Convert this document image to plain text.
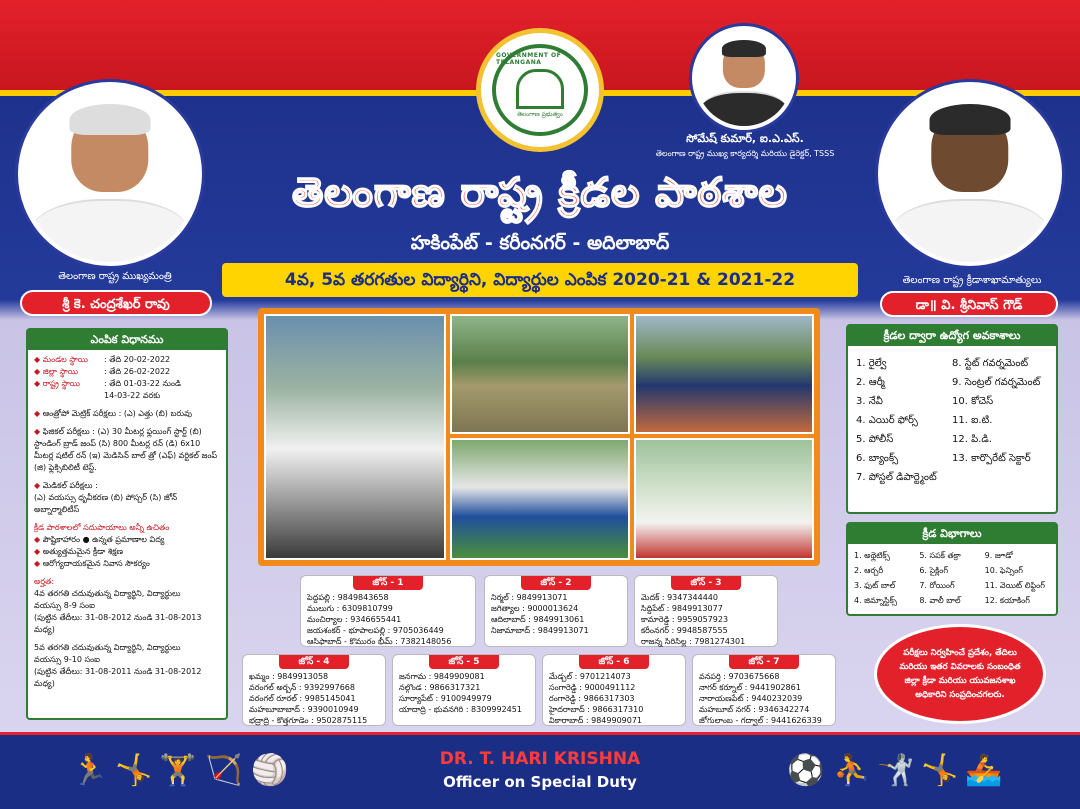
తెలంగాణ రాష్ట్ర ముఖ్యమంత్రి
శ్రీ కె. చంద్రశేఖర్ రావు
GOVERNMENT OF TELANGANA
తెలంగాణ ప్రభుత్వం
సోమేష్ కుమార్, ఐ.ఎ.ఎస్.
తెలంగాణ రాష్ట్ర ముఖ్య కార్యదర్శి మరియు డైరెక్టర్, TSSS
తెలంగాణ రాష్ట్ర క్రీడాశాఖామాత్యులు
డా॥ వి. శ్రీనివాస్ గౌడ్
తెలంగాణ రాష్ట్ర క్రీడల పాఠశాల
హకింపేట్ - కరీంనగర్ - అదిలాబాద్
4వ, 5వ తరగతుల విద్యార్థిని, విద్యార్థుల ఎంపిక 2020-21 & 2021-22
ఎంపిక విధానము
◆ మండల స్థాయి	: తేది 20-02-2022
◆ జిల్లా స్థాయి	: తేది 26-02-2022
◆ రాష్ట్ర స్థాయి	: తేది 01-03-22 నుండి
14-03-22 వరకు
◆ ఆంత్రోపో మెట్రిక్ పరీక్షలు : (ఎ) ఎత్తు (బి) బరువు
◆ ఫిజికల్ పరీక్షలు : (ఎ) 30 మీటర్ల ఫ్లయింగ్ స్టార్ట్ (బి) స్టాండింగ్ బ్రాడ్ జంప్ (సి) 800 మీటర్ల రన్ (డి) 6x10 మీటర్ల షటిల్ రన్ (ఇ) మెడిసిన్ బాల్ త్రో (ఎఫ్) వర్టికల్ జంప్ (జి) ఫ్లెక్సిబిలిటీ టెస్ట్.
◆ మెడికల్ పరీక్షలు :
(ఎ) వయస్సు ధృవీకరణ (బి) పోస్చర్ (సి) జోన్ అబ్నార్మాలిటీస్
క్రీడ పాఠశాలలో సదుపాయాలు అన్నీ ఉచితం
◆ పౌష్టికాహారం ● ఉన్నత ప్రమాణాల విద్య
◆ అత్యుత్తమమైన క్రీడా శిక్షణ
◆ ఆరోగ్యదాయకమైన నివాస సౌకర్యం
అర్హత:
4వ తరగతి చదువుతున్న విద్యార్థిని, విద్యార్థులు
వయస్సు 8-9 సంఐ
(పుట్టిన తేదీలు: 31-08-2012 నుండి 31-08-2013 మధ్య)
5వ తరగతి చదువుతున్న విద్యార్థిని, విద్యార్థులు
వయస్సు 9-10 సంఐ
(పుట్టిన తేదీలు: 31-08-2011 నుండి 31-08-2012 మధ్య)
క్రీడల ద్వారా ఉద్యోగ అవకాశాలు
1. రైల్వే
2. ఆర్మీ
3. నేవీ
4. ఎయిర్ ఫోర్స్
5. పోలీస్
6. బ్యాంక్స్
7. పోస్టల్ డిపార్ట్మెంట్
8. స్టేట్ గవర్నమెంట్
9. సెంట్రల్ గవర్నమెంట్
10. కోచెస్
11. ఐ.టి.
12. పి.డి.
13. కార్పొరేట్ సెక్టార్
క్రీడ విభాగాలు
1. అథ్లెటిక్స్	5. సపక్ తక్రా	9. జూడో
2. ఆర్చరీ	6. సైక్లింగ్	10. ఫెన్సింగ్
3. ఫుట్ బాల్	7. రోయింగ్	11. వెయిట్ లిఫ్టింగ్
4. జిమ్నాస్టిక్స్	8. వాలీ బాల్	12. కయాకింగ్
జోన్ - 1
పెద్దపల్లి : 9849843658
ములుగు : 6309810799
మంచిర్యాల : 9346655441
జయశంకర్ - భూపాలపల్లి : 9705036449
ఆసిఫాబాద్ - కొమురం భీమ్ : 7382148056
జోన్ - 2
నిర్మల్ : 9849913071
జగిత్యాల : 9000013624
ఆదిలాబాద్ : 9849913061
నిజామాబాద్ : 9849913071
జోన్ - 3
మెదక్ : 9347344440
సిద్దిపేట్ : 9849913077
కామారెడ్డి : 9959057923
కరీంనగర్ : 9948587555
రాజన్న సిరిసిల్ల : 7981274301
జోన్ - 4
ఖమ్మం : 9849913058
వరంగల్ అర్బన్ : 9392997668
వరంగల్ రూరల్ : 9985145041
మహబూబాబాద్ : 9390010949
భద్రాద్రి - కొత్తగూడెం : 9502875115
జోన్ - 5
జనగామ : 9849909081
నల్గొండ : 9866317321
సూర్యాపేట్ : 9100949979
యాదాద్రి - భువనగిరి : 8309992451
జోన్ - 6
మేడ్చల్ : 9701214073
సంగారెడ్డి : 9000491112
రంగారెడ్డి : 9866317303
హైదరాబాద్ : 9866317310
వికారాబాద్ : 9849909071
జోన్ - 7
వనపర్తి : 9703675668
నాగర్ కర్నూల్ : 9441902861
నారాయణపేట్ : 9440232039
మహబూబ్ నగర్ : 9346342274
జోగులాంబ - గద్వాల్ : 9441626339
పరీక్షలు నిర్వహించే ప్రదేశం, తేదిలు మరియు ఇతర వివరాలకు సంబంధిత జిల్లా క్రీడా మరియు యువజనశాఖ అధికారిని సంప్రదించగలరు.
🏃 🤸 🏋 🏹 🏐	DR. T. HARI KRISHNA
Officer on Special Duty	⚽ ⛹ 🤺 🤸 🚣
